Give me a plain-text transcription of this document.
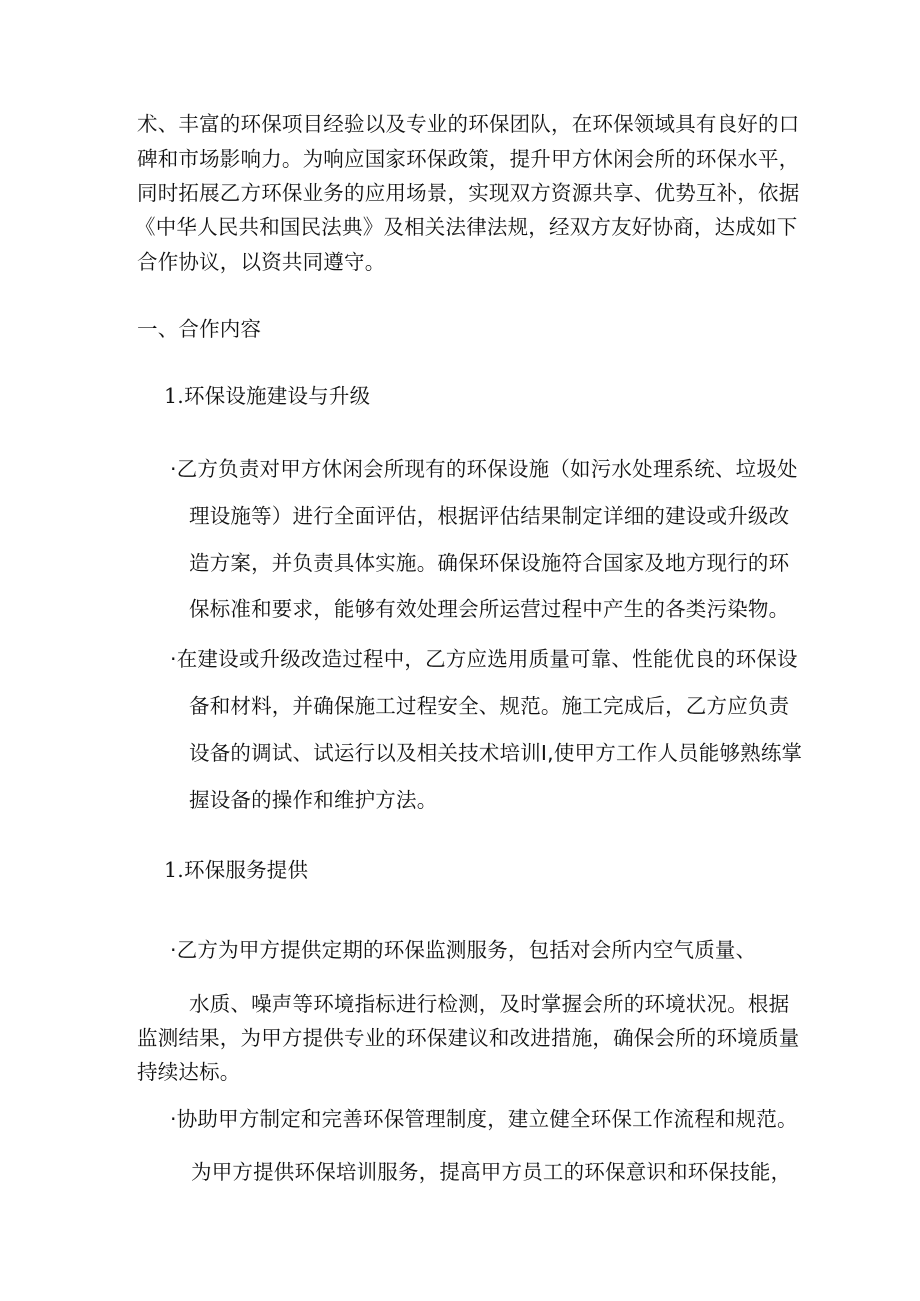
术、丰富的环保项目经验以及专业的环保团队，在环保领域具有良好的口
碑和市场影响力。为响应国家环保政策，提升甲方休闲会所的环保水平，
同时拓展乙方环保业务的应用场景，实现双方资源共享、优势互补，依据
《中华人民共和国民法典》及相关法律法规，经双方友好协商，达成如下
合作协议，以资共同遵守。
一、合作内容
1.环保设施建设与升级
·乙方负责对甲方休闲会所现有的环保设施（如污水处理系统、垃圾处
理设施等）进行全面评估，根据评估结果制定详细的建设或升级改
造方案，并负责具体实施。确保环保设施符合国家及地方现行的环
保标准和要求，能够有效处理会所运营过程中产生的各类污染物。
·在建设或升级改造过程中，乙方应选用质量可靠、性能优良的环保设
备和材料，并确保施工过程安全、规范。施工完成后，乙方应负责
设备的调试、试运行以及相关技术培训I,使甲方工作人员能够熟练掌
握设备的操作和维护方法。
1.环保服务提供
·乙方为甲方提供定期的环保监测服务，包括对会所内空气质量、
水质、噪声等环境指标进行检测，及时掌握会所的环境状况。根据
监测结果，为甲方提供专业的环保建议和改进措施，确保会所的环境质量
持续达标。
·协助甲方制定和完善环保管理制度，建立健全环保工作流程和规范。
为甲方提供环保培训服务，提高甲方员工的环保意识和环保技能，
